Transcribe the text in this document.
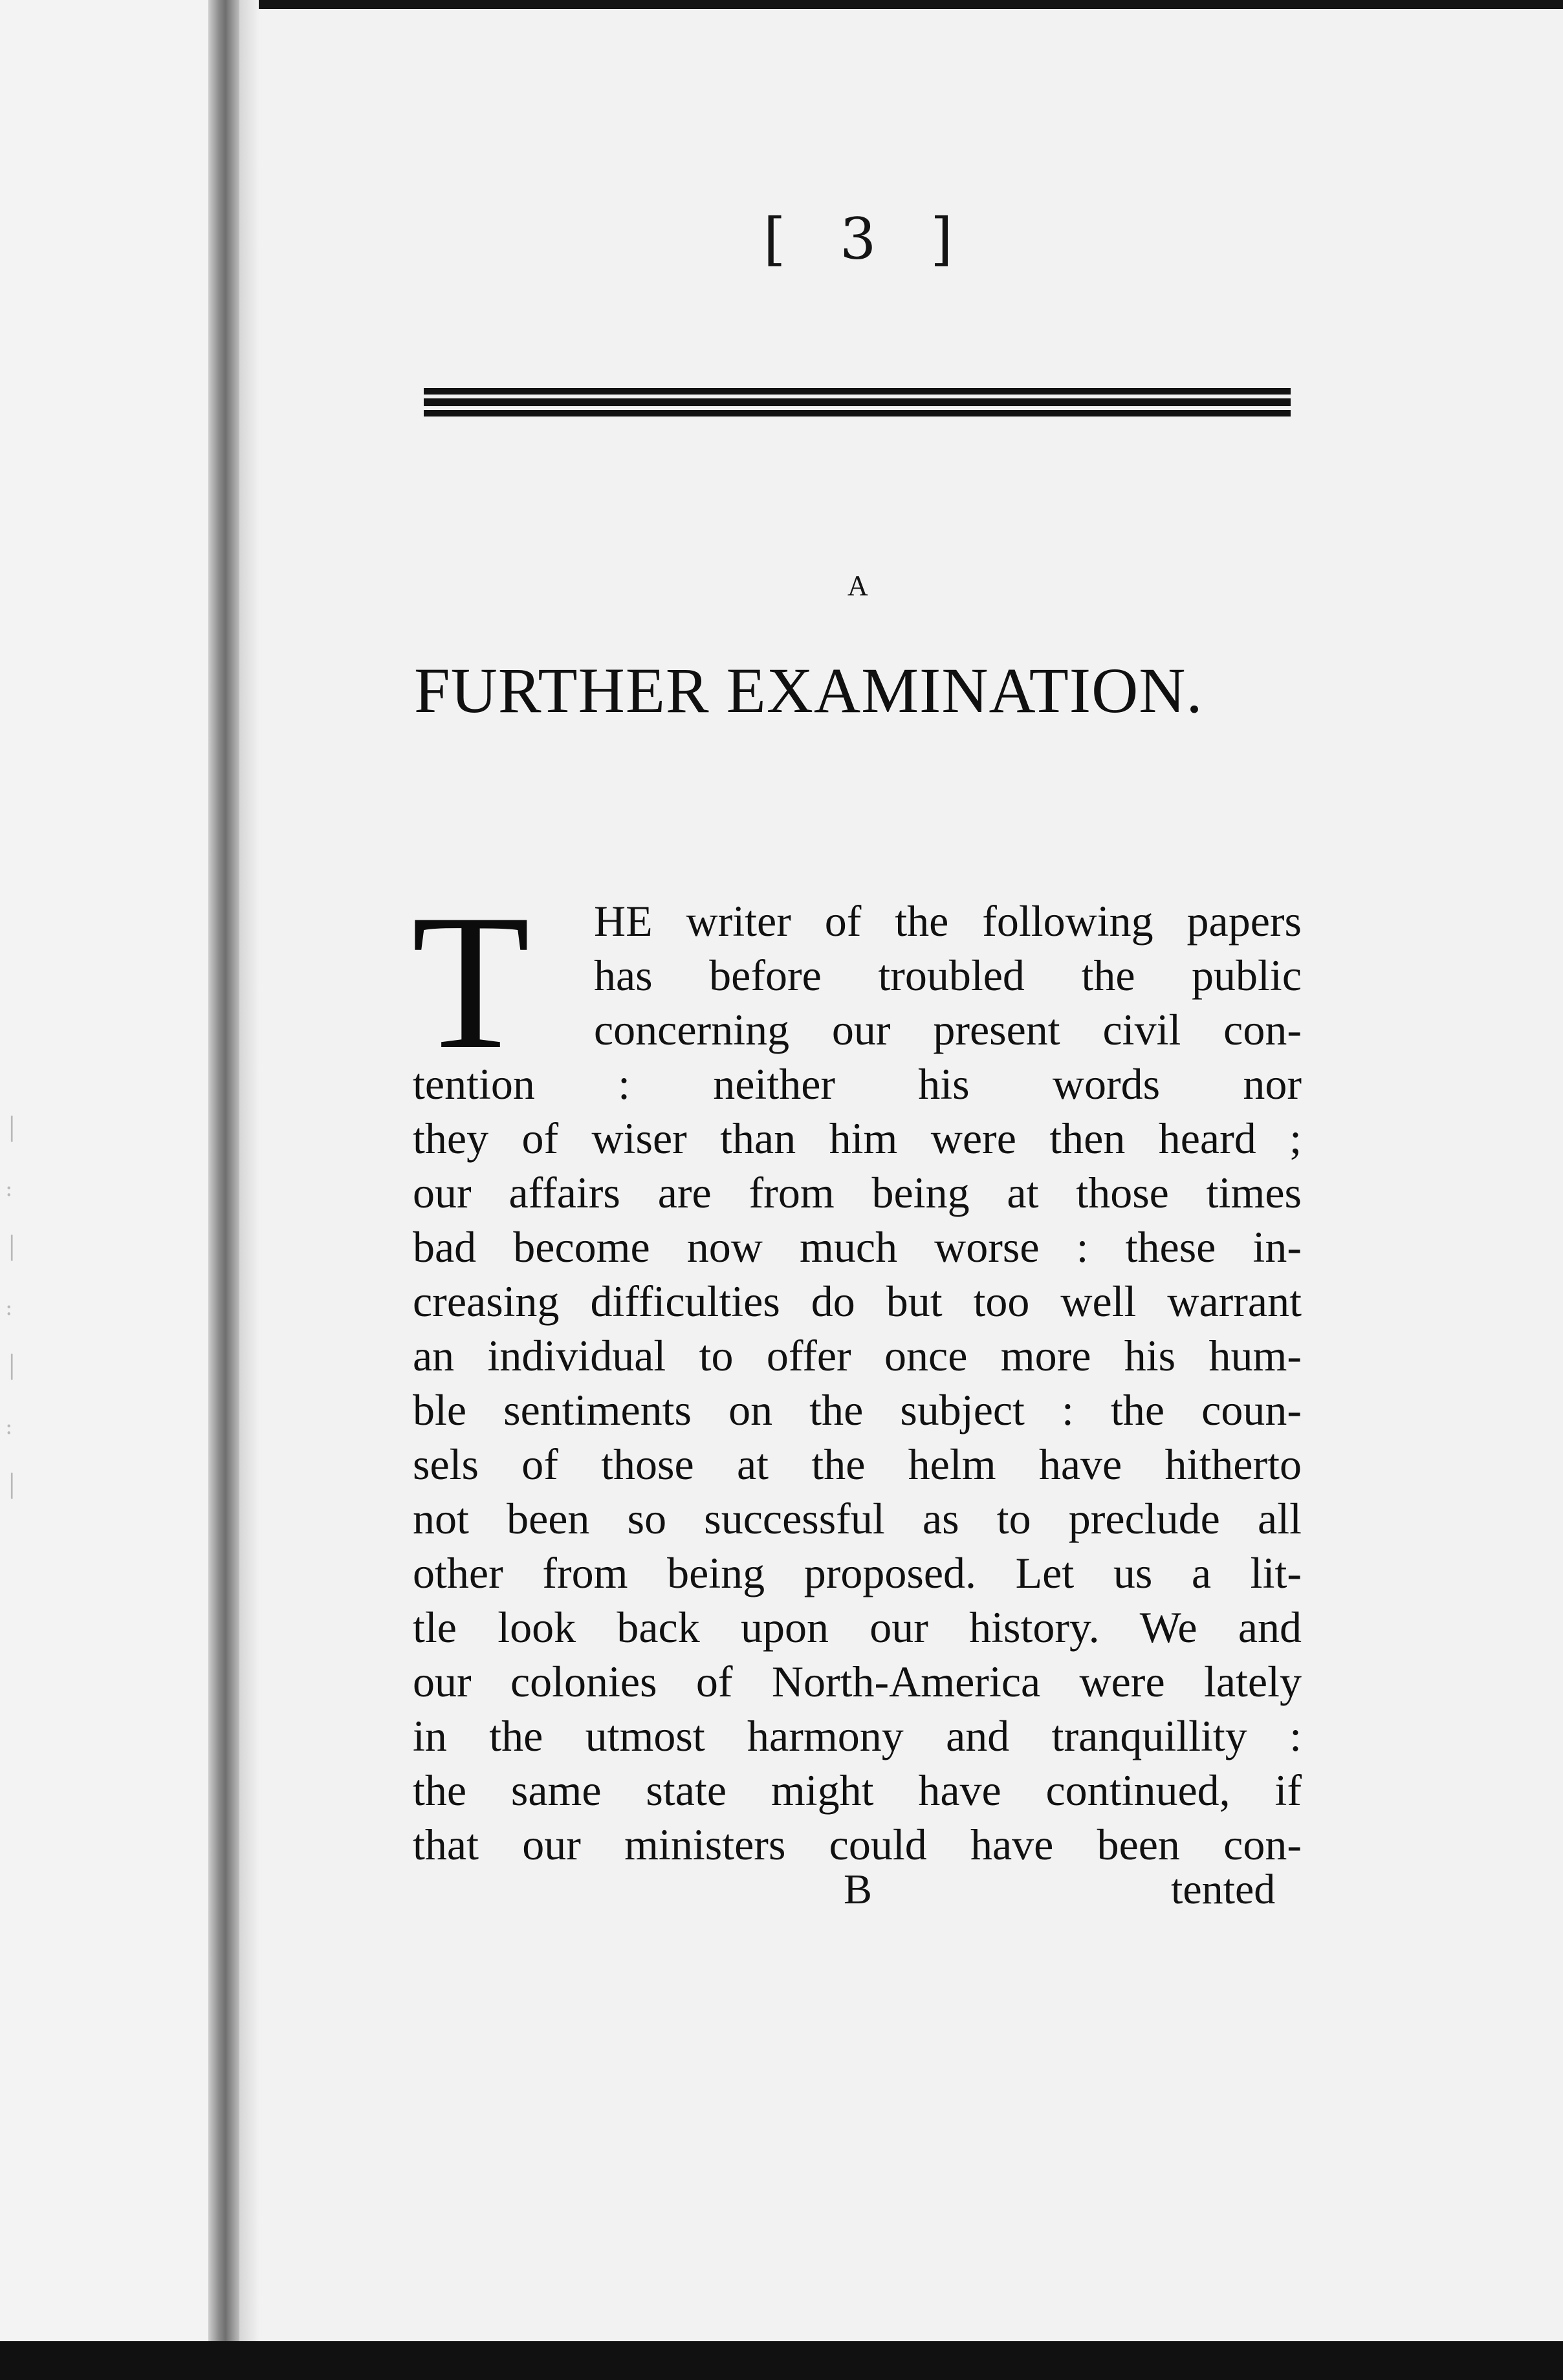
│
:
│
:
│
:
│
[ 3 ]
A
FURTHER EXAMINATION.
T HE writer of the following papers
has before troubled the public
concerning our present civil con-
tention : neither his words nor
they of wiser than him were then heard ;
our affairs are from being at those times
bad become now much worse : these in-
creasing difficulties do but too well warrant
an individual to offer once more his hum-
ble sentiments on the subject : the coun-
sels of those at the helm have hitherto
not been so successful as to preclude all
other from being proposed. Let us a lit-
tle look back upon our history. We and
our colonies of North-America were lately
in the utmost harmony and tranquillity :
the same state might have continued, if
that our ministers could have been con-
B	tented
